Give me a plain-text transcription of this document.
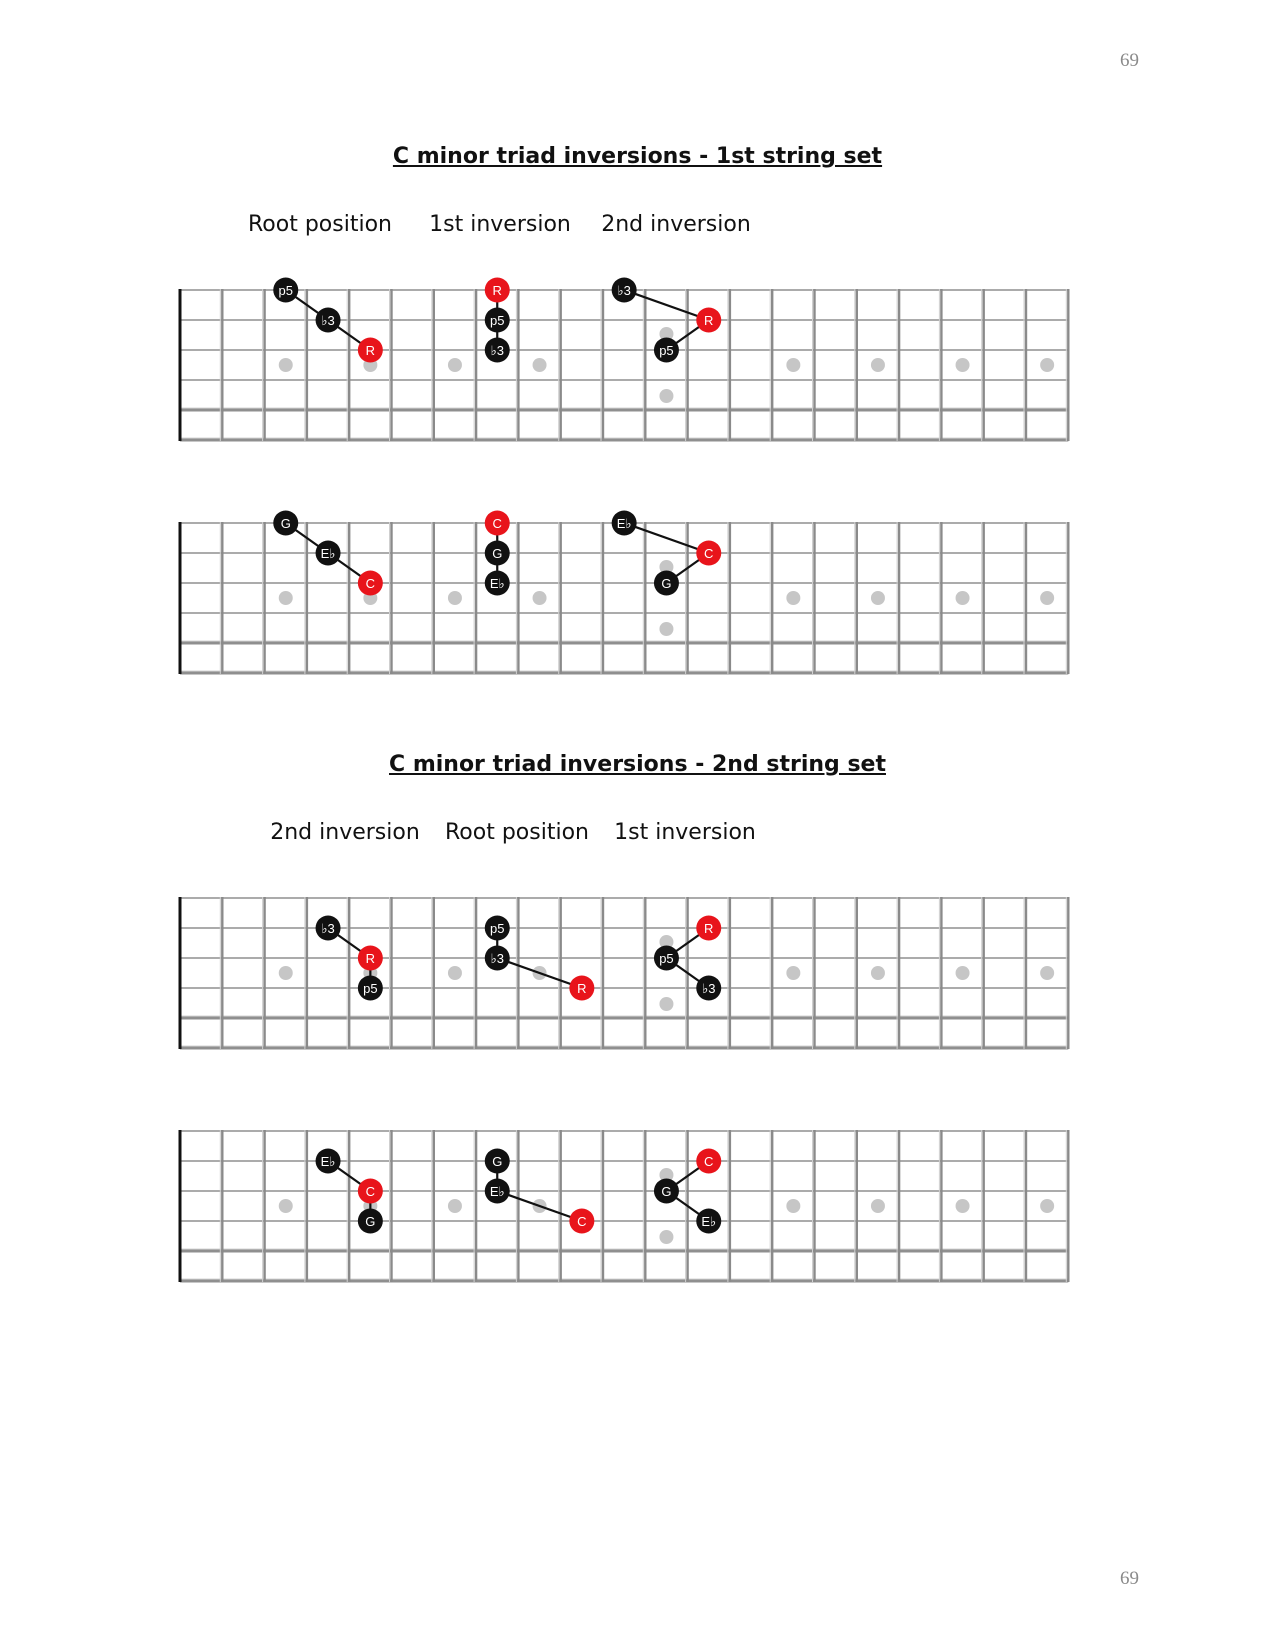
69

C minor triad inversions - 1st string set
Root position 1st inversion 2nd inversion
p5
♭3
R
R
p5
♭3
♭3
R
p5
G
E♭
C
C
G
E♭
E♭
C
G
C minor triad inversions - 2nd string set
2nd inversion Root position 1st inversion
♭3
R
p5
p5
♭3
R
R
p5
♭3
E♭
C
G
G
E♭
C
C
G
E♭

69
